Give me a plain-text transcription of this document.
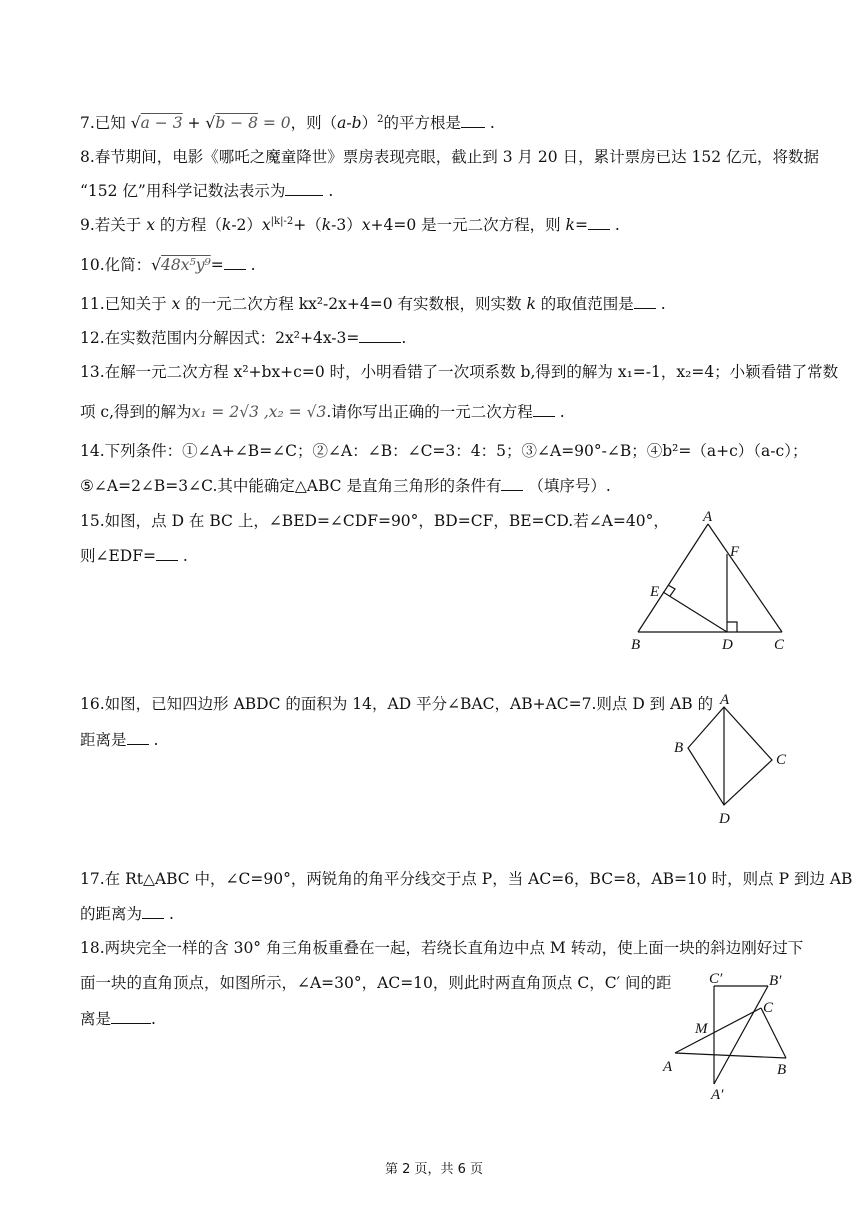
7.已知 √a − 3 + √b − 8 = 0，则$(a-b)^2$的平方根是 .
8.春节期间，电影《哪吒之魔童降世》票房表现亮眼，截止到 3 月 20 日，累计票房已达 152 亿元，将数据
“152 亿”用科学记数法表示为	.
9.若关于 x 的方程$(k-2)x^{|k|-2}+(k-3)x+4=0$ 是一元二次方程，则 k= .
10.化简：√48x⁵y⁹= .
11.已知关于 x 的一元二次方程 kx²-2x+4=0 有实数根，则实数 k 的取值范围是 .
12.在实数范围内分解因式：2x²+4x-3=	.
13.在解一元二次方程 x²+bx+c=0 时，小明看错了一次项系数 b,得到的解为 x₁=-1，x₂=4；小颖看错了常数
项 c,得到的解为x₁ = 2√3 ,x₂ = √3.请你写出正确的一元二次方程 .
14.下列条件：①∠A+∠B=∠C；②∠A：∠B：∠C=3：4：5；③∠A=90°-∠B；④b²=（a+c）（a-c）；
⑤∠A=2∠B=3∠C.其中能确定△ABC 是直角三角形的条件有 （填序号）.
15.如图，点 D 在 BC 上，∠BED=∠CDF=90°，BD=CF，BE=CD.若∠A=40°，
则∠EDF= .
A
F
E
B	D	C
16.如图，已知四边形 ABDC 的面积为 14，AD 平分∠BAC，AB+AC=7.则点 D 到 AB 的
距离是 .
A
B
C
D
17.在 Rt△ABC 中，∠C=90°，两锐角的角平分线交于点 P，当 AC=6，BC=8，AB=10 时，则点 P 到边 AB
的距离为 .
18.两块完全一样的含 30° 角三角板重叠在一起，若绕长直角边中点 M 转动，使上面一块的斜边刚好过下
面一块的直角顶点，如图所示，∠A=30°，AC=10，则此时两直角顶点 C，C′ 间的距
离是	.
C′	B′
C
M
A	B
A′
第 2 页，共 6 页
